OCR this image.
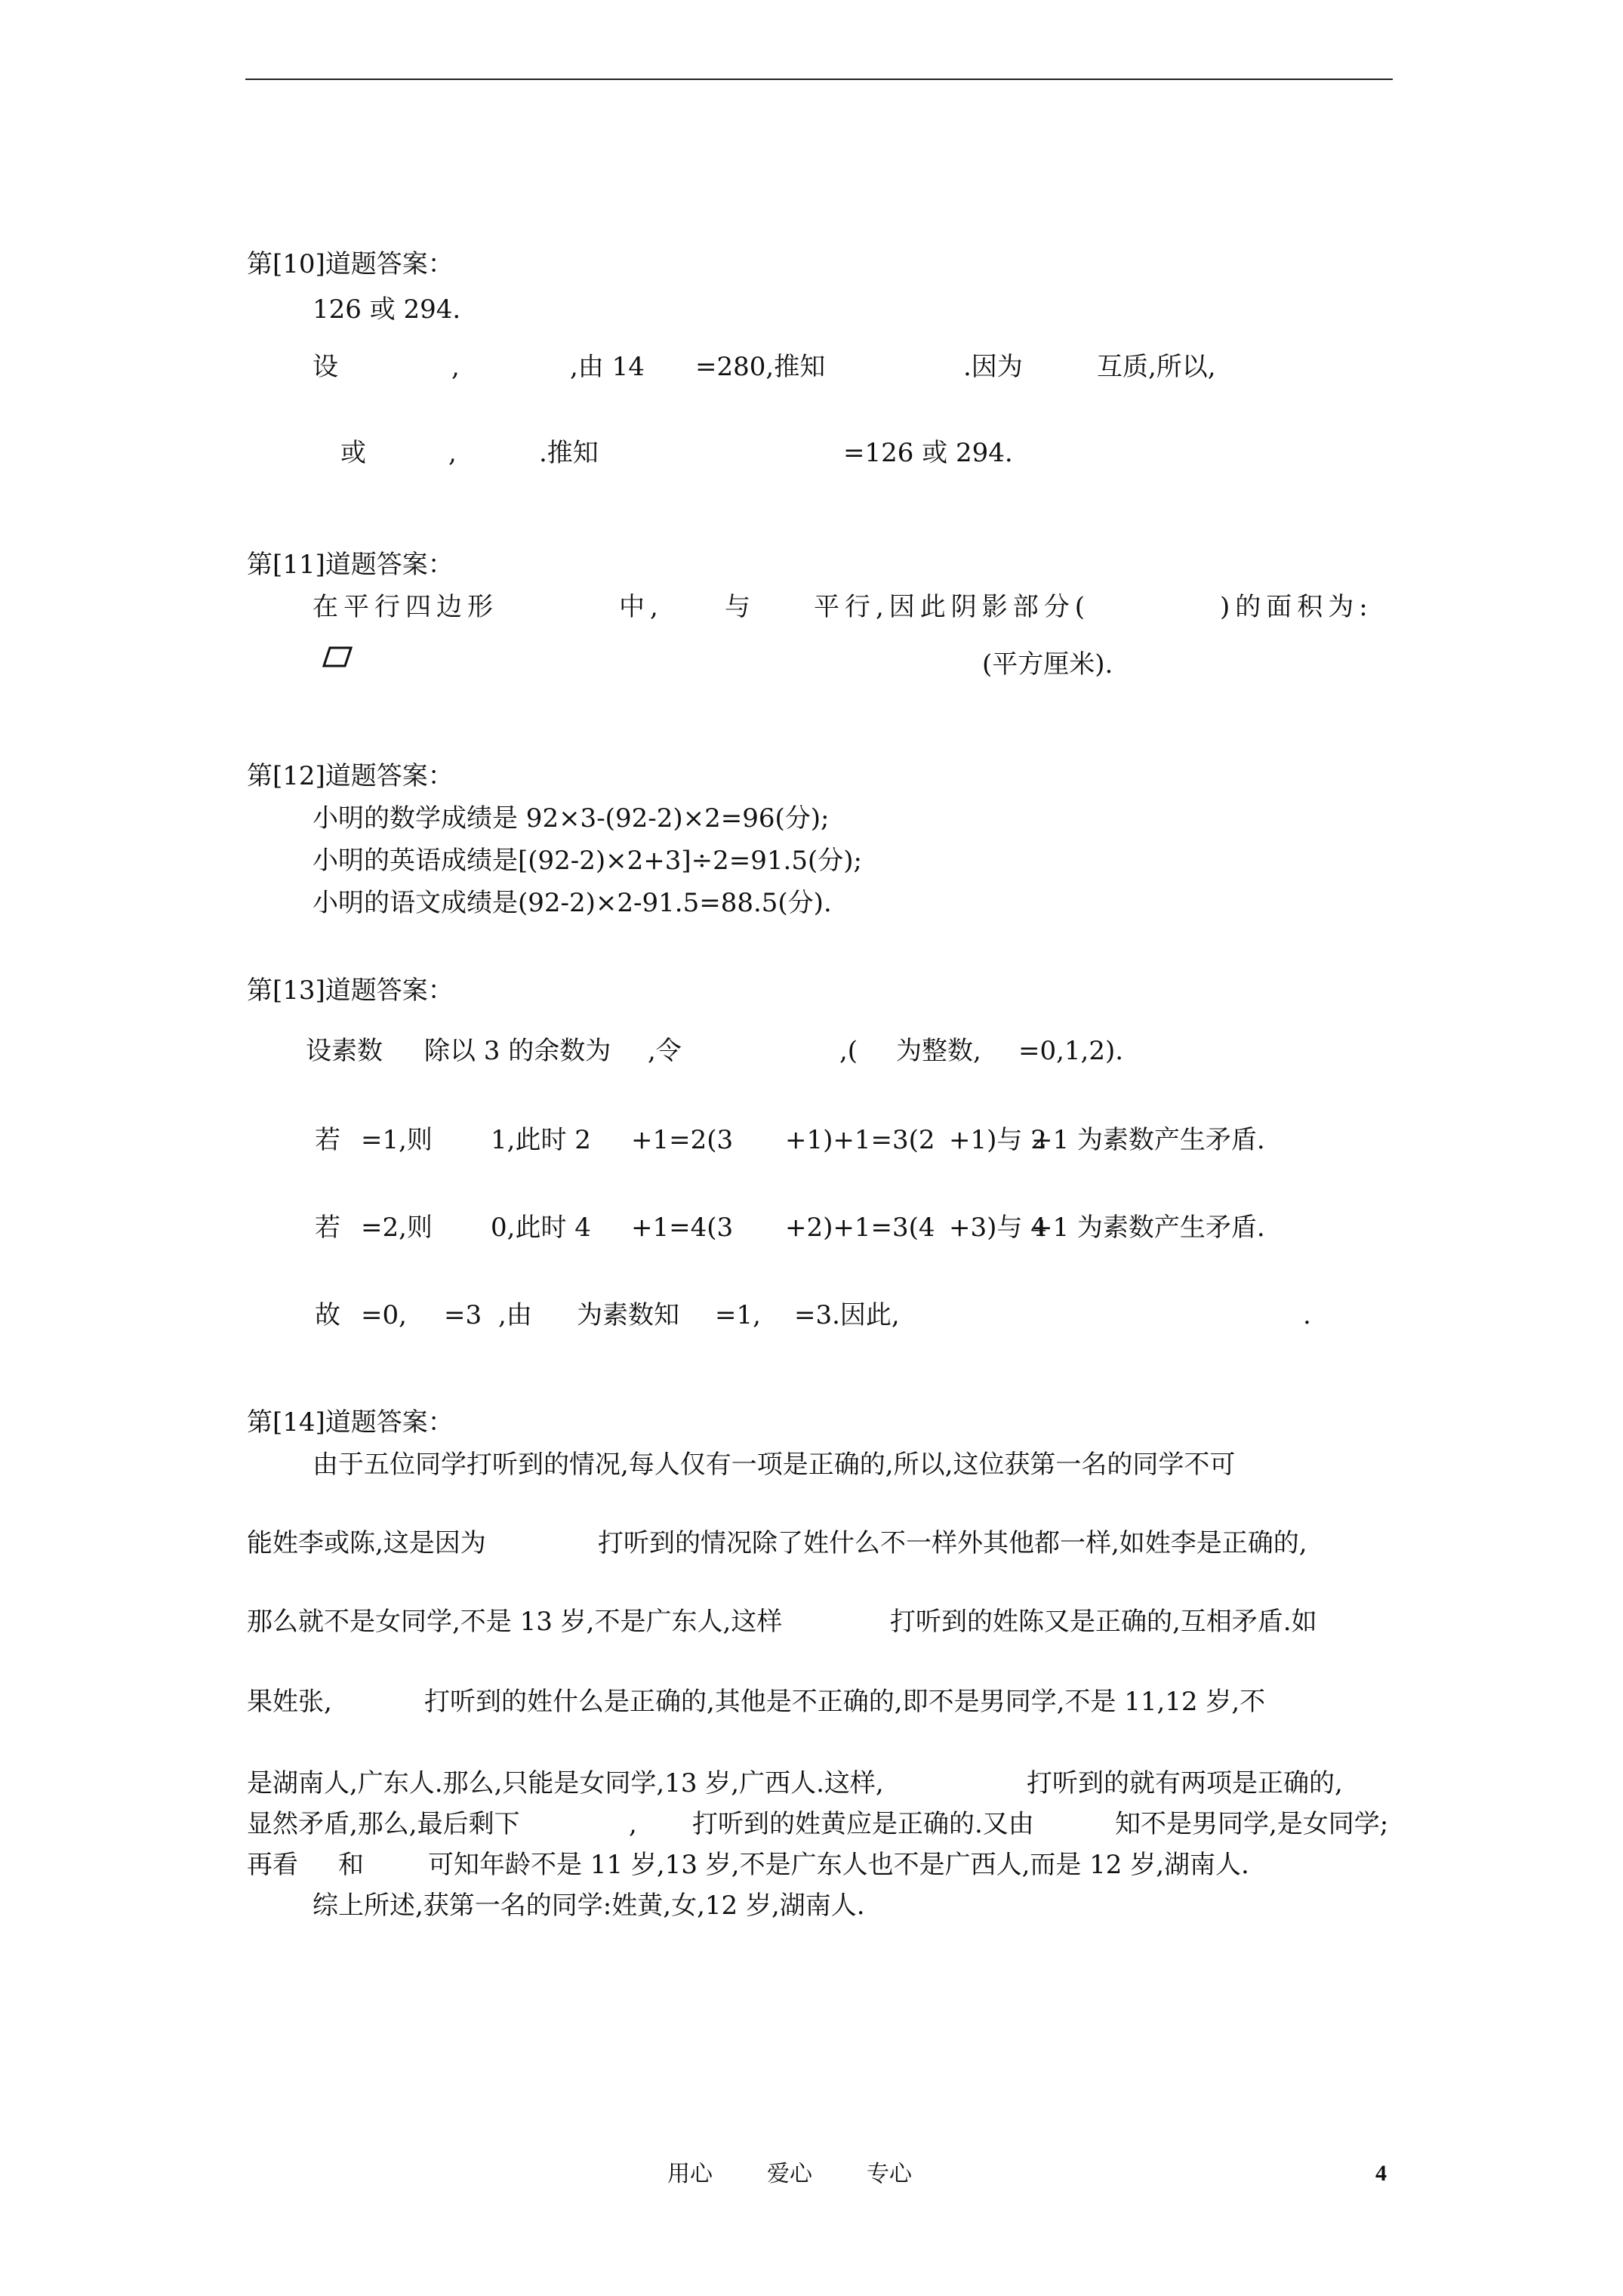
第[10]道题答案：
126 或 294.
设	,	,由 14 =280,推知	.因为	互质,所以,
或	,	.推知	=126 或 294.
第[11]道题答案：
在平行四边形	中, 与 平行,因此阴影部分(	)的面积为:
(平方厘米).
第[12]道题答案：
小明的数学成绩是 92×3-(92-2)×2=96(分);
小明的英语成绩是[(92-2)×2+3]÷2=91.5(分);
小明的语文成绩是(92-2)×2-91.5=88.5(分).
第[13]道题答案：
设素数 除以 3 的余数为 ,令	,( 为整数, =0,1,2).
若 =1,则 1,此时 2 +1=2(3 +1)+1=3(2 +1)与 2
+1 为素数产生矛盾.
若 =2,则 0,此时 4 +1=4(3 +2)+1=3(4 +3)与 4
+1 为素数产生矛盾.
故 =0, =3 ,由 为素数知 =1, =3.因此,	.
第[14]道题答案：
由于五位同学打听到的情况,每人仅有一项是正确的,所以,这位获第一名的同学不可
能姓李或陈,这是因为	打听到的情况除了姓什么不一样外其他都一样,如姓李是正确的,
那么就不是女同学,不是 13 岁,不是广东人,这样	打听到的姓陈又是正确的,互相矛盾.如
果姓张,	打听到的姓什么是正确的,其他是不正确的,即不是男同学,不是 11,12 岁,不
是湖南人,广东人.那么,只能是女同学,13 岁,广西人.这样,	打听到的就有两项是正确的,
显然矛盾,那么,最后剩下	, 打听到的姓黄应是正确的.又由	知不是男同学,是女同学;
再看 和	可知年龄不是 11 岁,13 岁,不是广东人也不是广西人,而是 12 岁,湖南人.
综上所述,获第一名的同学:姓黄,女,12 岁,湖南人.
用心 爱心 专心	4
